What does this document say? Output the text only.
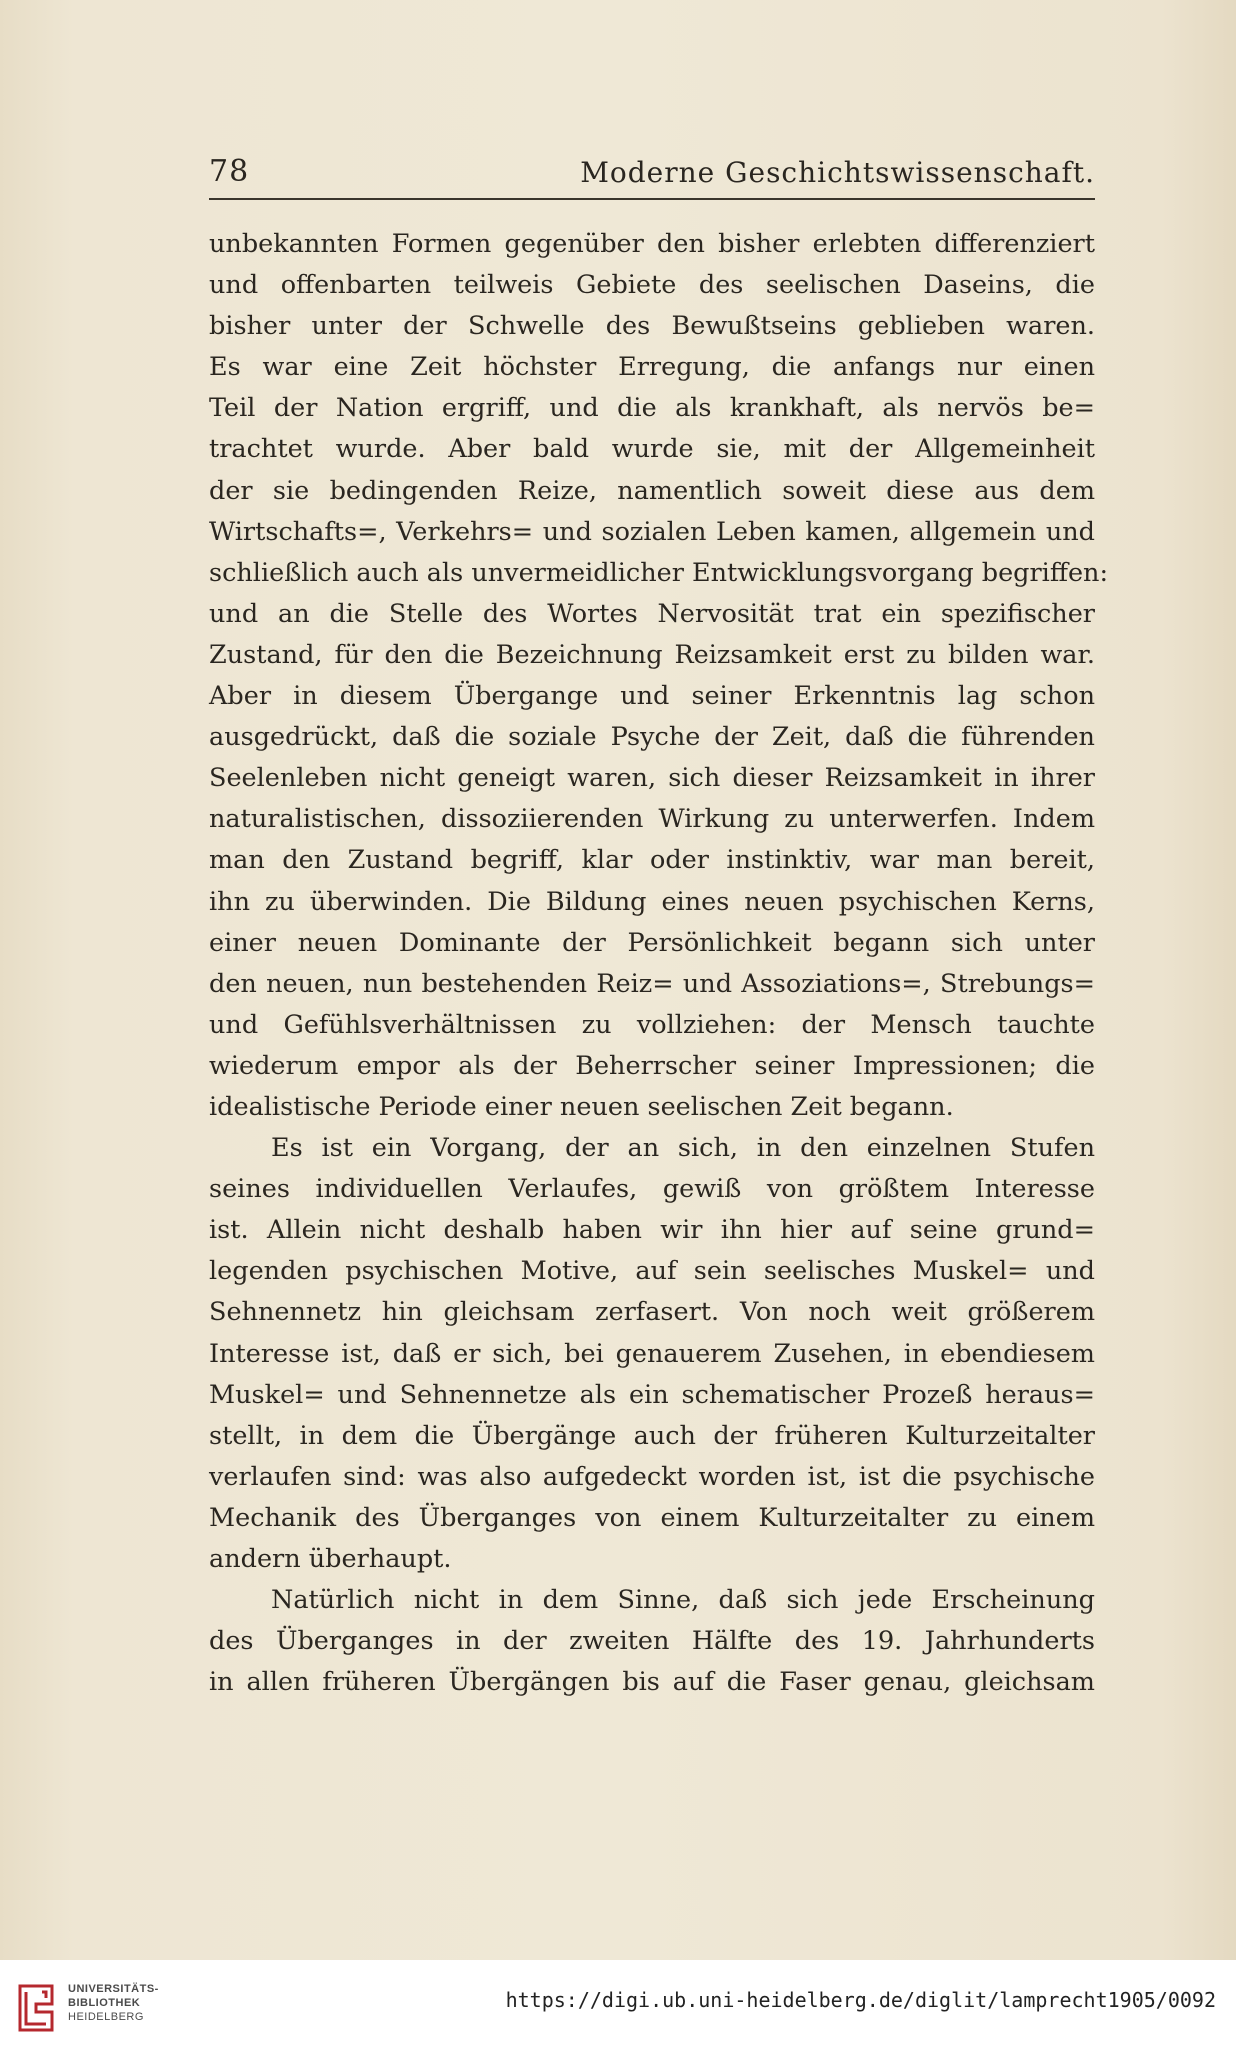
78	Moderne Geschichtswissenschaft.
unbekannten Formen gegenüber den bisher erlebten differenziert
und offenbarten teilweis Gebiete des seelischen Daseins, die
bisher unter der Schwelle des Bewußtseins geblieben waren.
Es war eine Zeit höchster Erregung, die anfangs nur einen
Teil der Nation ergriff, und die als krankhaft, als nervös be=
trachtet wurde. Aber bald wurde sie, mit der Allgemeinheit
der sie bedingenden Reize, namentlich soweit diese aus dem
Wirtschafts=, Verkehrs= und sozialen Leben kamen, allgemein und
schließlich auch als unvermeidlicher Entwicklungsvorgang begriffen:
und an die Stelle des Wortes Nervosität trat ein spezifischer
Zustand, für den die Bezeichnung Reizsamkeit erst zu bilden war.
Aber in diesem Übergange und seiner Erkenntnis lag schon
ausgedrückt, daß die soziale Psyche der Zeit, daß die führenden
Seelenleben nicht geneigt waren, sich dieser Reizsamkeit in ihrer
naturalistischen, dissoziierenden Wirkung zu unterwerfen. Indem
man den Zustand begriff, klar oder instinktiv, war man bereit,
ihn zu überwinden. Die Bildung eines neuen psychischen Kerns,
einer neuen Dominante der Persönlichkeit begann sich unter
den neuen, nun bestehenden Reiz= und Assoziations=, Strebungs=
und Gefühlsverhältnissen zu vollziehen: der Mensch tauchte
wiederum empor als der Beherrscher seiner Impressionen; die
idealistische Periode einer neuen seelischen Zeit begann.
Es ist ein Vorgang, der an sich, in den einzelnen Stufen
seines individuellen Verlaufes, gewiß von größtem Interesse
ist. Allein nicht deshalb haben wir ihn hier auf seine grund=
legenden psychischen Motive, auf sein seelisches Muskel= und
Sehnennetz hin gleichsam zerfasert. Von noch weit größerem
Interesse ist, daß er sich, bei genauerem Zusehen, in ebendiesem
Muskel= und Sehnennetze als ein schematischer Prozeß heraus=
stellt, in dem die Übergänge auch der früheren Kulturzeitalter
verlaufen sind: was also aufgedeckt worden ist, ist die psychische
Mechanik des Überganges von einem Kulturzeitalter zu einem
andern überhaupt.
Natürlich nicht in dem Sinne, daß sich jede Erscheinung
des Überganges in der zweiten Hälfte des 19. Jahrhunderts
in allen früheren Übergängen bis auf die Faser genau, gleichsam
UNIVERSITÄTS-
BIBLIOTHEK
HEIDELBERG
https://digi.ub.uni-heidelberg.de/diglit/lamprecht1905/0092
